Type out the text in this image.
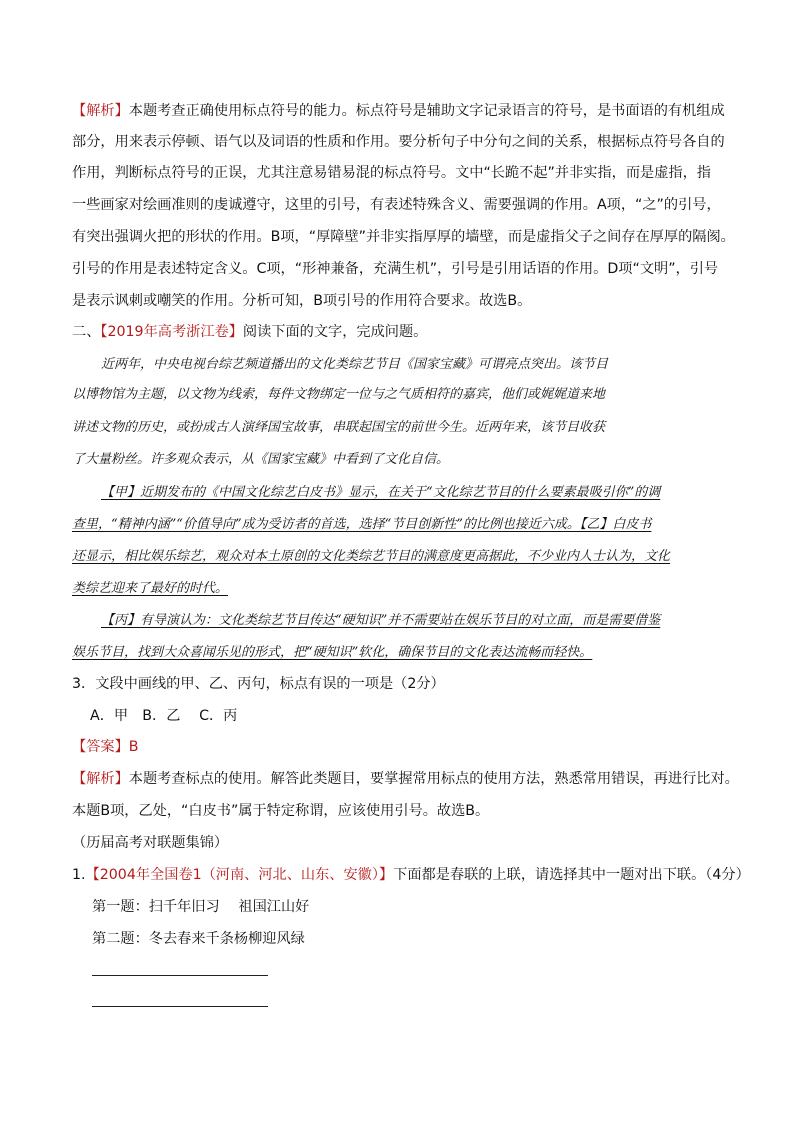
【解析】本题考查正确使用标点符号的能力。标点符号是辅助文字记录语言的符号，是书面语的有机组成
部分，用来表示停顿、语气以及词语的性质和作用。要分析句子中分句之间的关系，根据标点符号各自的
作用，判断标点符号的正误，尤其注意易错易混的标点符号。文中“长跪不起”并非实指，而是虚指，指
一些画家对绘画准则的虔诚遵守，这里的引号，有表述特殊含义、需要强调的作用。A项，“之”的引号，
有突出强调火把的形状的作用。B项，“厚障壁”并非实指厚厚的墙壁，而是虚指父子之间存在厚厚的隔阂。
引号的作用是表述特定含义。C项，“形神兼备，充满生机”，引号是引用话语的作用。D项“文明”，引号
是表示讽刺或嘲笑的作用。分析可知，B项引号的作用符合要求。故选B。
二、【2019年高考浙江卷】阅读下面的文字，完成问题。
近两年，中央电视台综艺频道播出的文化类综艺节目《国家宝藏》可谓亮点突出。该节目
以博物馆为主题，以文物为线索，每件文物绑定一位与之气质相符的嘉宾，他们或娓娓道来地
讲述文物的历史，或扮成古人演绎国宝故事，串联起国宝的前世今生。近两年来，该节目收获
了大量粉丝。许多观众表示，从《国家宝藏》中看到了文化自信。
【甲】近期发布的《中国文化综艺白皮书》显示，在关于“文化综艺节目的什么要素最吸引你”的调
查里，“精神内涵”“价值导向”成为受访者的首选，选择“节目创新性”的比例也接近六成。【乙】白皮书
还显示，相比娱乐综艺，观众对本土原创的文化类综艺节目的满意度更高据此，不少业内人士认为，文化
类综艺迎来了最好的时代。
【丙】有导演认为：文化类综艺节目传达“硬知识”并不需要站在娱乐节目的对立面，而是需要借鉴
娱乐节目，找到大众喜闻乐见的形式，把“硬知识”软化，确保节目的文化表达流畅而轻快。
3．文段中画线的甲、乙、丙句，标点有误的一项是（2分）
A．甲　B．乙　 C．丙
【答案】B
【解析】本题考查标点的使用。解答此类题目，要掌握常用标点的使用方法，熟悉常用错误，再进行比对。
本题B项，乙处，“白皮书”属于特定称谓，应该使用引号。故选B。
（历届高考对联题集锦）
1.【2004年全国卷1（河南、河北、山东、安徽）】下面都是春联的上联，请选择其中一题对出下联。（4分）
第一题：扫千年旧习　 祖国江山好
第二题：冬去春来千条杨柳迎风绿
